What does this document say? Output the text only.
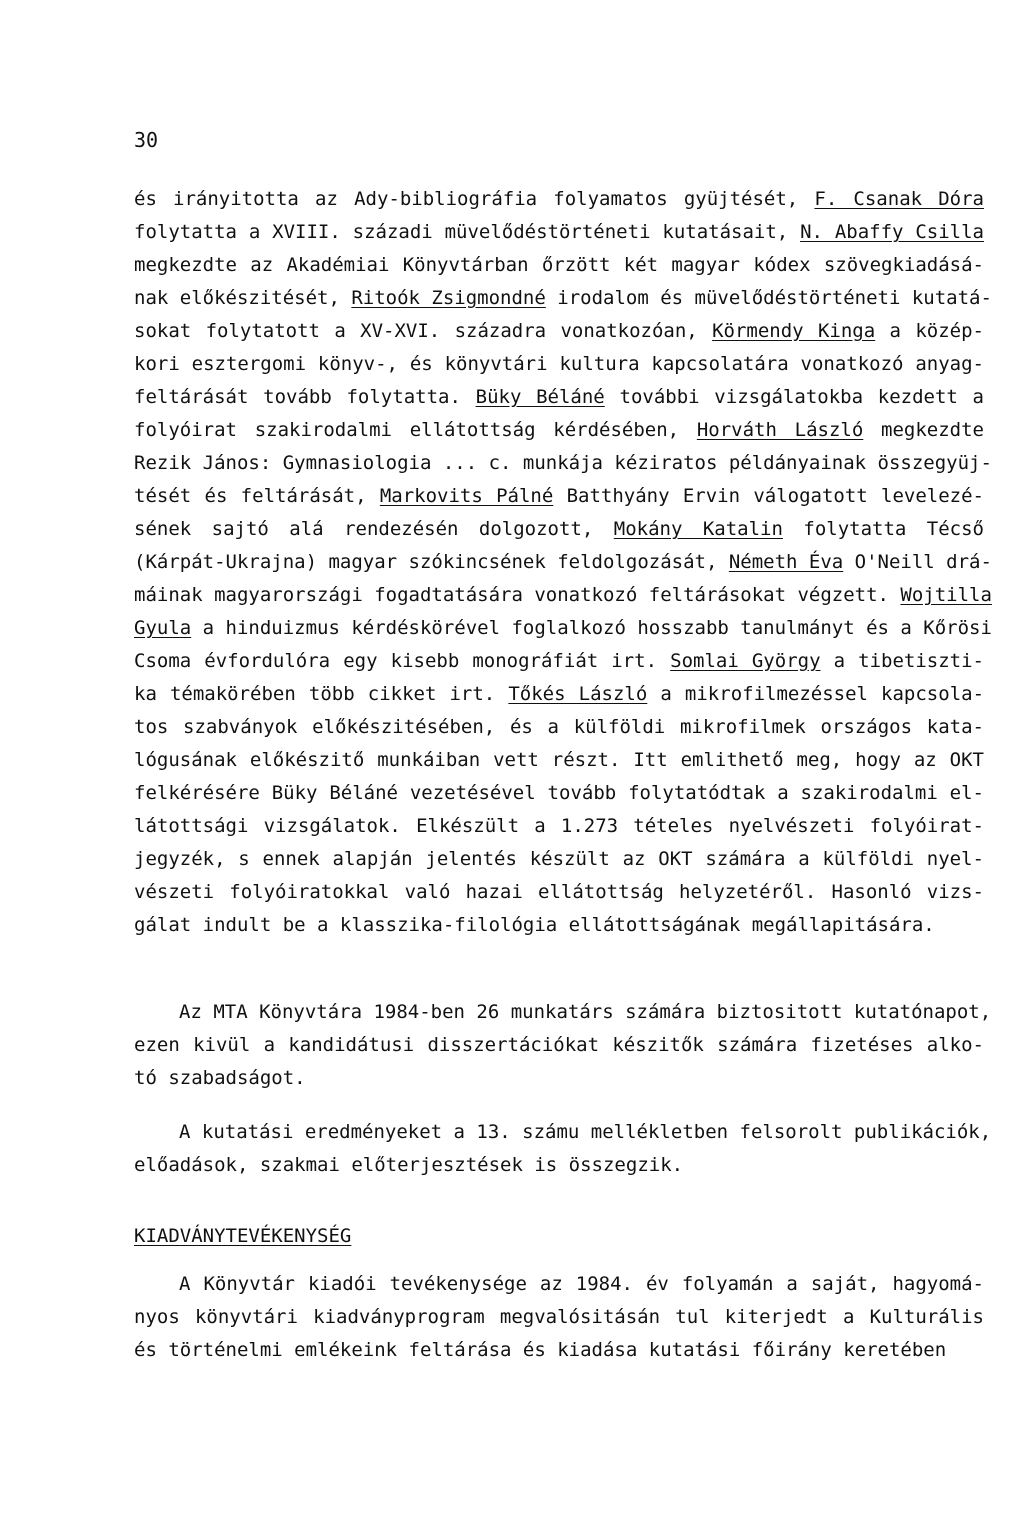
30
és irányitotta az Ady-bibliográfia folyamatos gyüjtését, F. Csanak Dóra
folytatta a XVIII. századi müvelődéstörténeti kutatásait, N. Abaffy Csilla
megkezdte az Akadémiai Könyvtárban őrzött két magyar kódex szövegkiadásá-
nak előkészitését, Ritoók Zsigmondné irodalom és müvelődéstörténeti kutatá-
sokat folytatott a XV-XVI. századra vonatkozóan, Körmendy Kinga a közép-
kori esztergomi könyv-, és könyvtári kultura kapcsolatára vonatkozó anyag-
feltárását tovább folytatta. Büky Béláné további vizsgálatokba kezdett a
folyóirat szakirodalmi ellátottság kérdésében, Horváth László megkezdte
Rezik János: Gymnasiologia ... c. munkája kéziratos példányainak összegyüj-
tését és feltárását, Markovits Pálné Batthyány Ervin válogatott levelezé-
sének sajtó alá rendezésén dolgozott, Mokány Katalin folytatta Técső
(Kárpát-Ukrajna) magyar szókincsének feldolgozását, Németh Éva O'Neill drá-
máinak magyarországi fogadtatására vonatkozó feltárásokat végzett. Wojtilla
Gyula a hinduizmus kérdéskörével foglalkozó hosszabb tanulmányt és a Kőrösi
Csoma évfordulóra egy kisebb monográfiát irt. Somlai György a tibetiszti-
ka témakörében több cikket irt. Tőkés László a mikrofilmezéssel kapcsola-
tos szabványok előkészitésében, és a külföldi mikrofilmek országos kata-
lógusának előkészitő munkáiban vett részt. Itt emlithető meg, hogy az OKT
felkérésére Büky Béláné vezetésével tovább folytatódtak a szakirodalmi el-
látottsági vizsgálatok. Elkészült a 1.273 tételes nyelvészeti folyóirat-
jegyzék, s ennek alapján jelentés készült az OKT számára a külföldi nyel-
vészeti folyóiratokkal való hazai ellátottság helyzetéről. Hasonló vizs-
gálat indult be a klasszika-filológia ellátottságának megállapitására.
Az MTA Könyvtára 1984-ben 26 munkatárs számára biztositott kutatónapot,
ezen kivül a kandidátusi disszertációkat készitők számára fizetéses alko-
tó szabadságot.
A kutatási eredményeket a 13. számu mellékletben felsorolt publikációk,
előadások, szakmai előterjesztések is összegzik.
KIADVÁNYTEVÉKENYSÉG
A Könyvtár kiadói tevékenysége az 1984. év folyamán a saját, hagyomá-
nyos könyvtári kiadványprogram megvalósitásán tul kiterjedt a Kulturális
és történelmi emlékeink feltárása és kiadása kutatási főirány keretében
